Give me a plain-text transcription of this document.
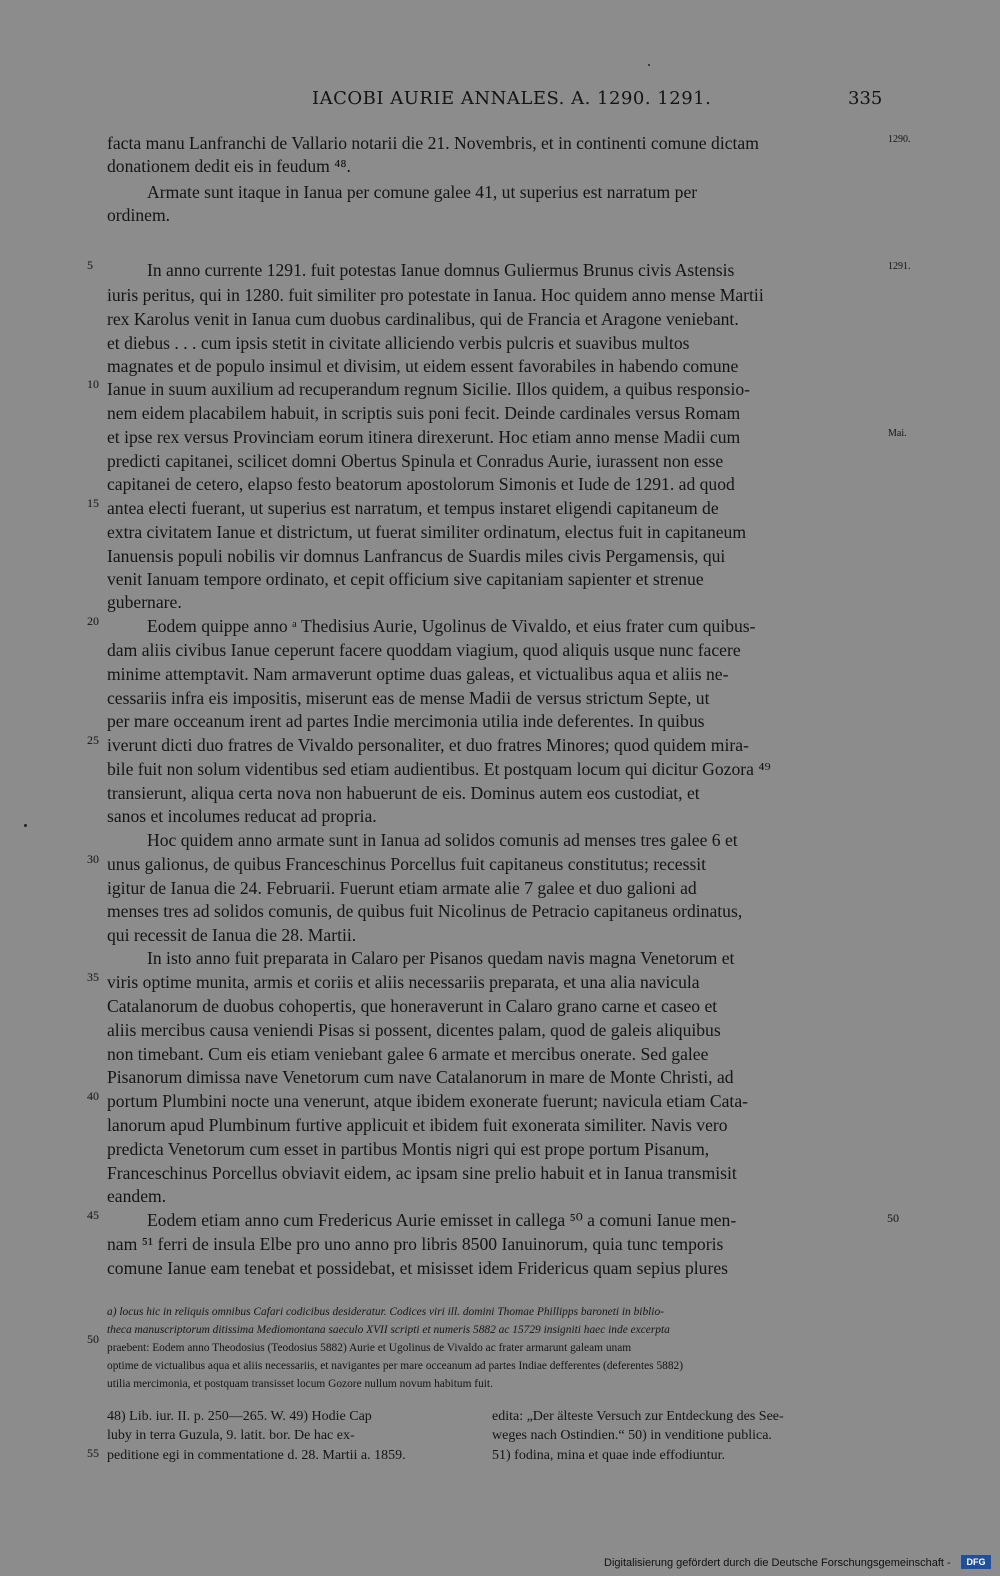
IACOBI AURIE ANNALES. A. 1290. 1291.	335
facta manu Lanfranchi de Vallario notarii die 21. Novembris, et in continenti comune dictam
donationem dedit eis in feudum ⁴⁸.
Armate sunt itaque in Ianua per comune galee 41, ut superius est narratum per
ordinem.
In anno currente 1291. fuit potestas Ianue domnus Guliermus Brunus civis Astensis
iuris peritus, qui in 1280. fuit similiter pro potestate in Ianua. Hoc quidem anno mense Martii
rex Karolus venit in Ianua cum duobus cardinalibus, qui de Francia et Aragone veniebant.
et diebus . . . cum ipsis stetit in civitate alliciendo verbis pulcris et suavibus multos
magnates et de populo insimul et divisim, ut eidem essent favorabiles in habendo comune
Ianue in suum auxilium ad recuperandum regnum Sicilie. Illos quidem, a quibus responsio-
nem eidem placabilem habuit, in scriptis suis poni fecit. Deinde cardinales versus Romam
et ipse rex versus Provinciam eorum itinera direxerunt. Hoc etiam anno mense Madii cum
predicti capitanei, scilicet domni Obertus Spinula et Conradus Aurie, iurassent non esse
capitanei de cetero, elapso festo beatorum apostolorum Simonis et Iude de 1291. ad quod
antea electi fuerant, ut superius est narratum, et tempus instaret eligendi capitaneum de
extra civitatem Ianue et districtum, ut fuerat similiter ordinatum, electus fuit in capitaneum
Ianuensis populi nobilis vir domnus Lanfrancus de Suardis miles civis Pergamensis, qui
venit Ianuam tempore ordinato, et cepit officium sive capitaniam sapienter et strenue
gubernare.
Eodem quippe anno ᵃ Thedisius Aurie, Ugolinus de Vivaldo, et eius frater cum quibus-
dam aliis civibus Ianue ceperunt facere quoddam viagium, quod aliquis usque nunc facere
minime attemptavit. Nam armaverunt optime duas galeas, et victualibus aqua et aliis ne-
cessariis infra eis impositis, miserunt eas de mense Madii de versus strictum Septe, ut
per mare occeanum irent ad partes Indie mercimonia utilia inde deferentes. In quibus
iverunt dicti duo fratres de Vivaldo personaliter, et duo fratres Minores; quod quidem mira-
bile fuit non solum videntibus sed etiam audientibus. Et postquam locum qui dicitur Gozora ⁴⁹
transierunt, aliqua certa nova non habuerunt de eis. Dominus autem eos custodiat, et
sanos et incolumes reducat ad propria.
Hoc quidem anno armate sunt in Ianua ad solidos comunis ad menses tres galee 6 et
unus galionus, de quibus Franceschinus Porcellus fuit capitaneus constitutus; recessit
igitur de Ianua die 24. Februarii. Fuerunt etiam armate alie 7 galee et duo galioni ad
menses tres ad solidos comunis, de quibus fuit Nicolinus de Petracio capitaneus ordinatus,
qui recessit de Ianua die 28. Martii.
In isto anno fuit preparata in Calaro per Pisanos quedam navis magna Venetorum et
viris optime munita, armis et coriis et aliis necessariis preparata, et una alia navicula
Catalanorum de duobus cohopertis, que honeraverunt in Calaro grano carne et caseo et
aliis mercibus causa veniendi Pisas si possent, dicentes palam, quod de galeis aliquibus
non timebant. Cum eis etiam veniebant galee 6 armate et mercibus onerate. Sed galee
Pisanorum dimissa nave Venetorum cum nave Catalanorum in mare de Monte Christi, ad
portum Plumbini nocte una venerunt, atque ibidem exonerate fuerunt; navicula etiam Cata-
lanorum apud Plumbinum furtive applicuit et ibidem fuit exonerata similiter. Navis vero
predicta Venetorum cum esset in partibus Montis nigri qui est prope portum Pisanum,
Franceschinus Porcellus obviavit eidem, ac ipsam sine prelio habuit et in Ianua transmisit
eandem.
Eodem etiam anno cum Fredericus Aurie emisset in callega ⁵⁰ a comuni Ianue men-
nam ⁵¹ ferri de insula Elbe pro uno anno pro libris 8500 Ianuinorum, quia tunc temporis
comune Ianue eam tenebat et possidebat, et misisset idem Fridericus quam sepius plures
5
10
15
20
25
30
35
40
45
50
55
1290.
1291.
Mai.
50
a) locus hic in reliquis omnibus Cafari codicibus desideratur. Codices viri ill. domini Thomae Phillipps baroneti in biblio-
theca manuscriptorum ditissima Mediomontana saeculo XVII scripti et numeris 5882 ac 15729 insigniti haec inde excerpta
praebent: Eodem anno Theodosius (Teodosius 5882) Aurie et Ugolinus de Vivaldo ac frater armarunt galeam unam
optime de victualibus aqua et aliis necessariis, et navigantes per mare occeanum ad partes Indiae defferentes (deferentes 5882)
utilia mercimonia, et postquam transisset locum Gozore nullum novum habitum fuit.
48) Lib. iur. II. p. 250—265. W. 49) Hodie Cap
luby in terra Guzula, 9. latit. bor. De hac ex-
peditione egi in commentatione d. 28. Martii a. 1859.
edita: „Der älteste Versuch zur Entdeckung des See-
weges nach Ostindien.“ 50) in venditione publica.
51) fodina, mina et quae inde effodiuntur.
Digitalisierung gefördert durch die Deutsche Forschungsgemeinschaft -	DFG
